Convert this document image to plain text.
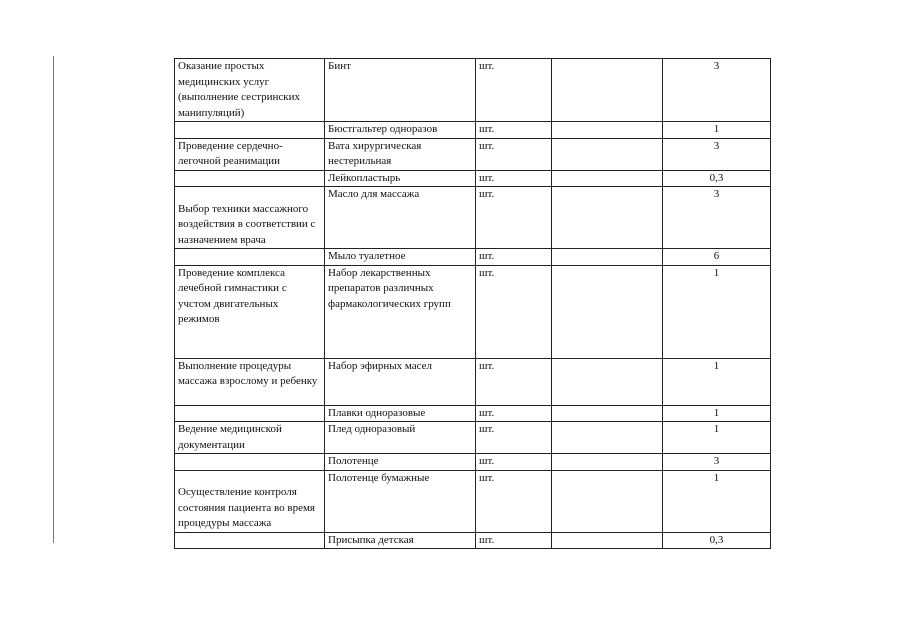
Оказание простых медицинских услуг (выполнение сестринских манипуляций)	Бинт	шт.		3
	Бюстгальтер одноразов	шт.		1
Проведение сердечно-легочной реанимации	Вата хирургическая нестерильная	шт.		3
	Лейкопластырь	шт.		0,3
Выбор техники массажного воздействия в соответствии с назначением врача	Масло для массажа	шт.		3
	Мыло туалетное	шт.		6
Проведение комплекса лечебной гимнастики с учстом двигательных режимов	Набор лекарственных препаратов различных фармакологических групп	шт.		1
Выполнение процедуры массажа взрослому и ребенку	Набор эфирных масел	шт.		1
	Плавки одноразовые	шт.		1
Ведение медицинской документации	Плед одноразовый	шт.		1
	Полотенце	шт.		3
Осуществление контроля состояния пациента во время процедуры массажа	Полотенце бумажные	шт.		1
	Присыпка детская	шт.		0,3
